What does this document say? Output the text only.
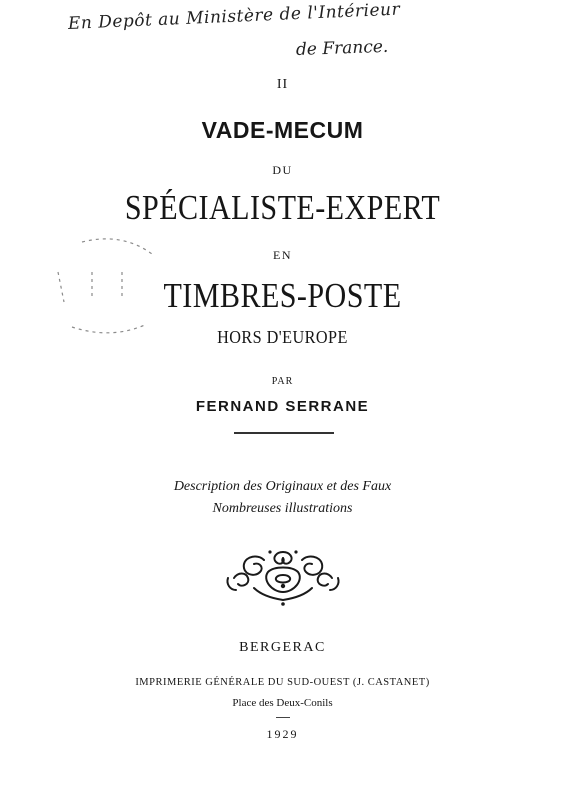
En Depôt au Ministère de l'Intérieur
de France.
II
VADE-MECUM
DU
SPÉCIALISTE-EXPERT
EN
TIMBRES-POSTE
HORS D'EUROPE
PAR
FERNAND SERRANE
Description des Originaux et des Faux
Nombreuses illustrations
BERGERAC
IMPRIMERIE GÉNÉRALE DU SUD-OUEST (J. CASTANET)
Place des Deux-Conils
1929
